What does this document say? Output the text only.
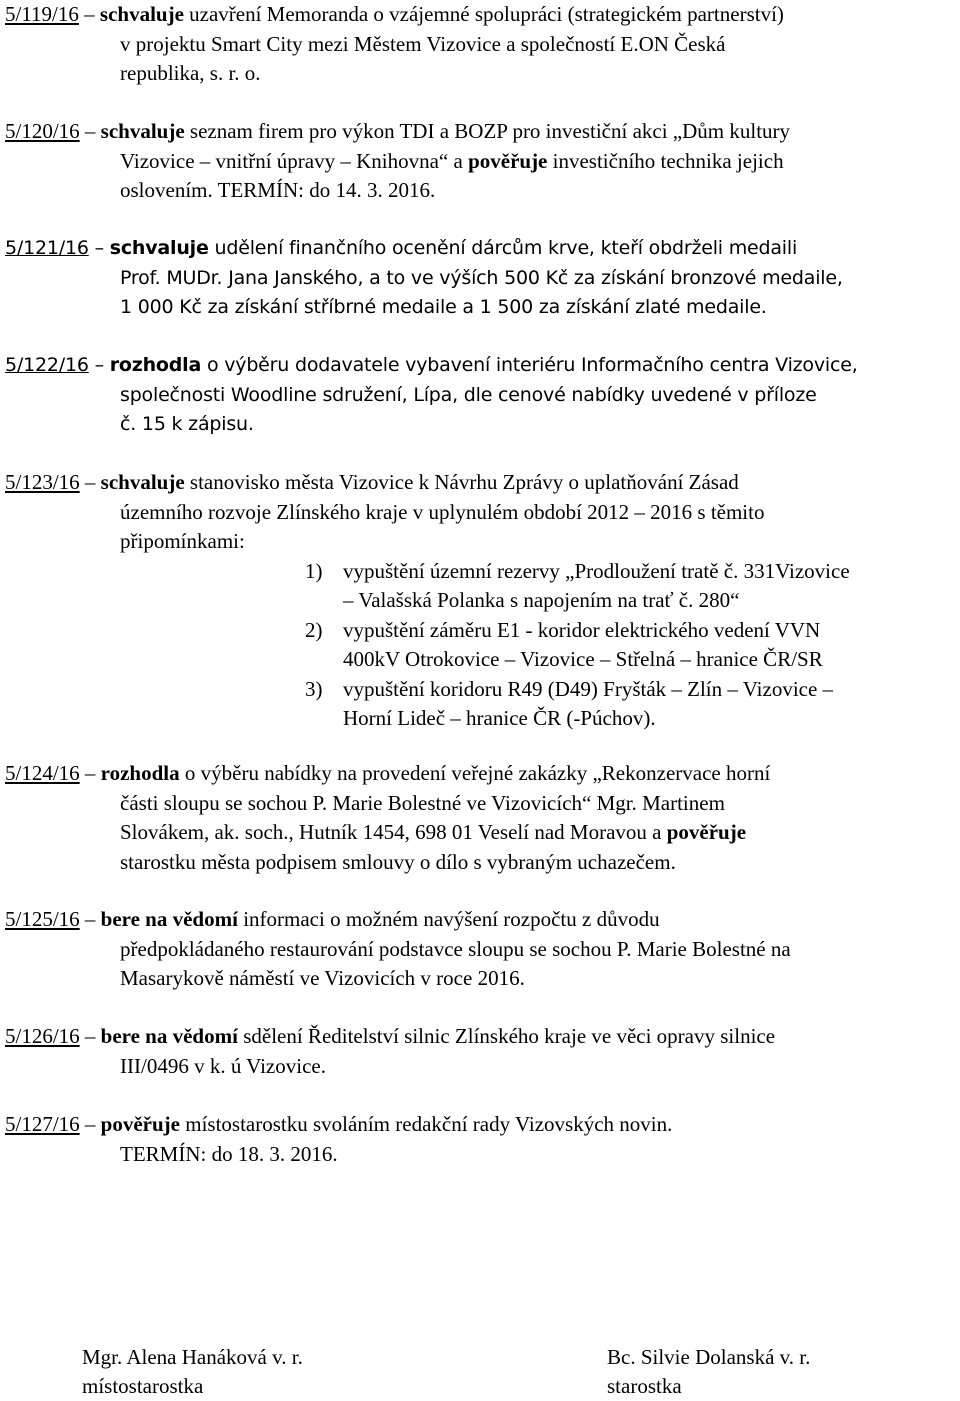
5/119/16 – schvaluje uzavření Memoranda o vzájemné spolupráci (strategickém partnerství)
v projektu Smart City mezi Městem Vizovice a společností E.ON Česká
republika, s. r. o.
5/120/16 – schvaluje seznam firem pro výkon TDI a BOZP pro investiční akci „Dům kultury
Vizovice – vnitřní úpravy – Knihovna“ a pověřuje investičního technika jejich
oslovením. TERMÍN: do 14. 3. 2016.
5/121/16 – schvaluje udělení finančního ocenění dárcům krve, kteří obdrželi medaili
Prof. MUDr. Jana Janského, a to ve výších 500 Kč za získání bronzové medaile,
1 000 Kč za získání stříbrné medaile a 1 500 za získání zlaté medaile.
5/122/16 – rozhodla o výběru dodavatele vybavení interiéru Informačního centra Vizovice,
společnosti Woodline sdružení, Lípa, dle cenové nabídky uvedené v příloze
č. 15 k zápisu.
5/123/16 – schvaluje stanovisko města Vizovice k Návrhu Zprávy o uplatňování Zásad
územního rozvoje Zlínského kraje v uplynulém období 2012 – 2016 s těmito
připomínkami:
1) vypuštění územní rezervy „Prodloužení tratě č. 331Vizovice
– Valašská Polanka s napojením na trať č. 280“
2) vypuštění záměru E1 - koridor elektrického vedení VVN
400kV Otrokovice – Vizovice – Střelná – hranice ČR/SR
3) vypuštění koridoru R49 (D49) Fryšták – Zlín – Vizovice –
Horní Lideč – hranice ČR (-Púchov).
5/124/16 – rozhodla o výběru nabídky na provedení veřejné zakázky „Rekonzervace horní
části sloupu se sochou P. Marie Bolestné ve Vizovicích“ Mgr. Martinem
Slovákem, ak. soch., Hutník 1454, 698 01 Veselí nad Moravou a pověřuje
starostku města podpisem smlouvy o dílo s vybraným uchazečem.
5/125/16 – bere na vědomí informaci o možném navýšení rozpočtu z důvodu
předpokládaného restaurování podstavce sloupu se sochou P. Marie Bolestné na
Masarykově náměstí ve Vizovicích v roce 2016.
5/126/16 – bere na vědomí sdělení Ředitelství silnic Zlínského kraje ve věci opravy silnice
III/0496 v k. ú Vizovice.
5/127/16 – pověřuje místostarostku svoláním redakční rady Vizovských novin.
TERMÍN: do 18. 3. 2016.
Mgr. Alena Hanáková v. r.
místostarostka
Bc. Silvie Dolanská v. r.
starostka
